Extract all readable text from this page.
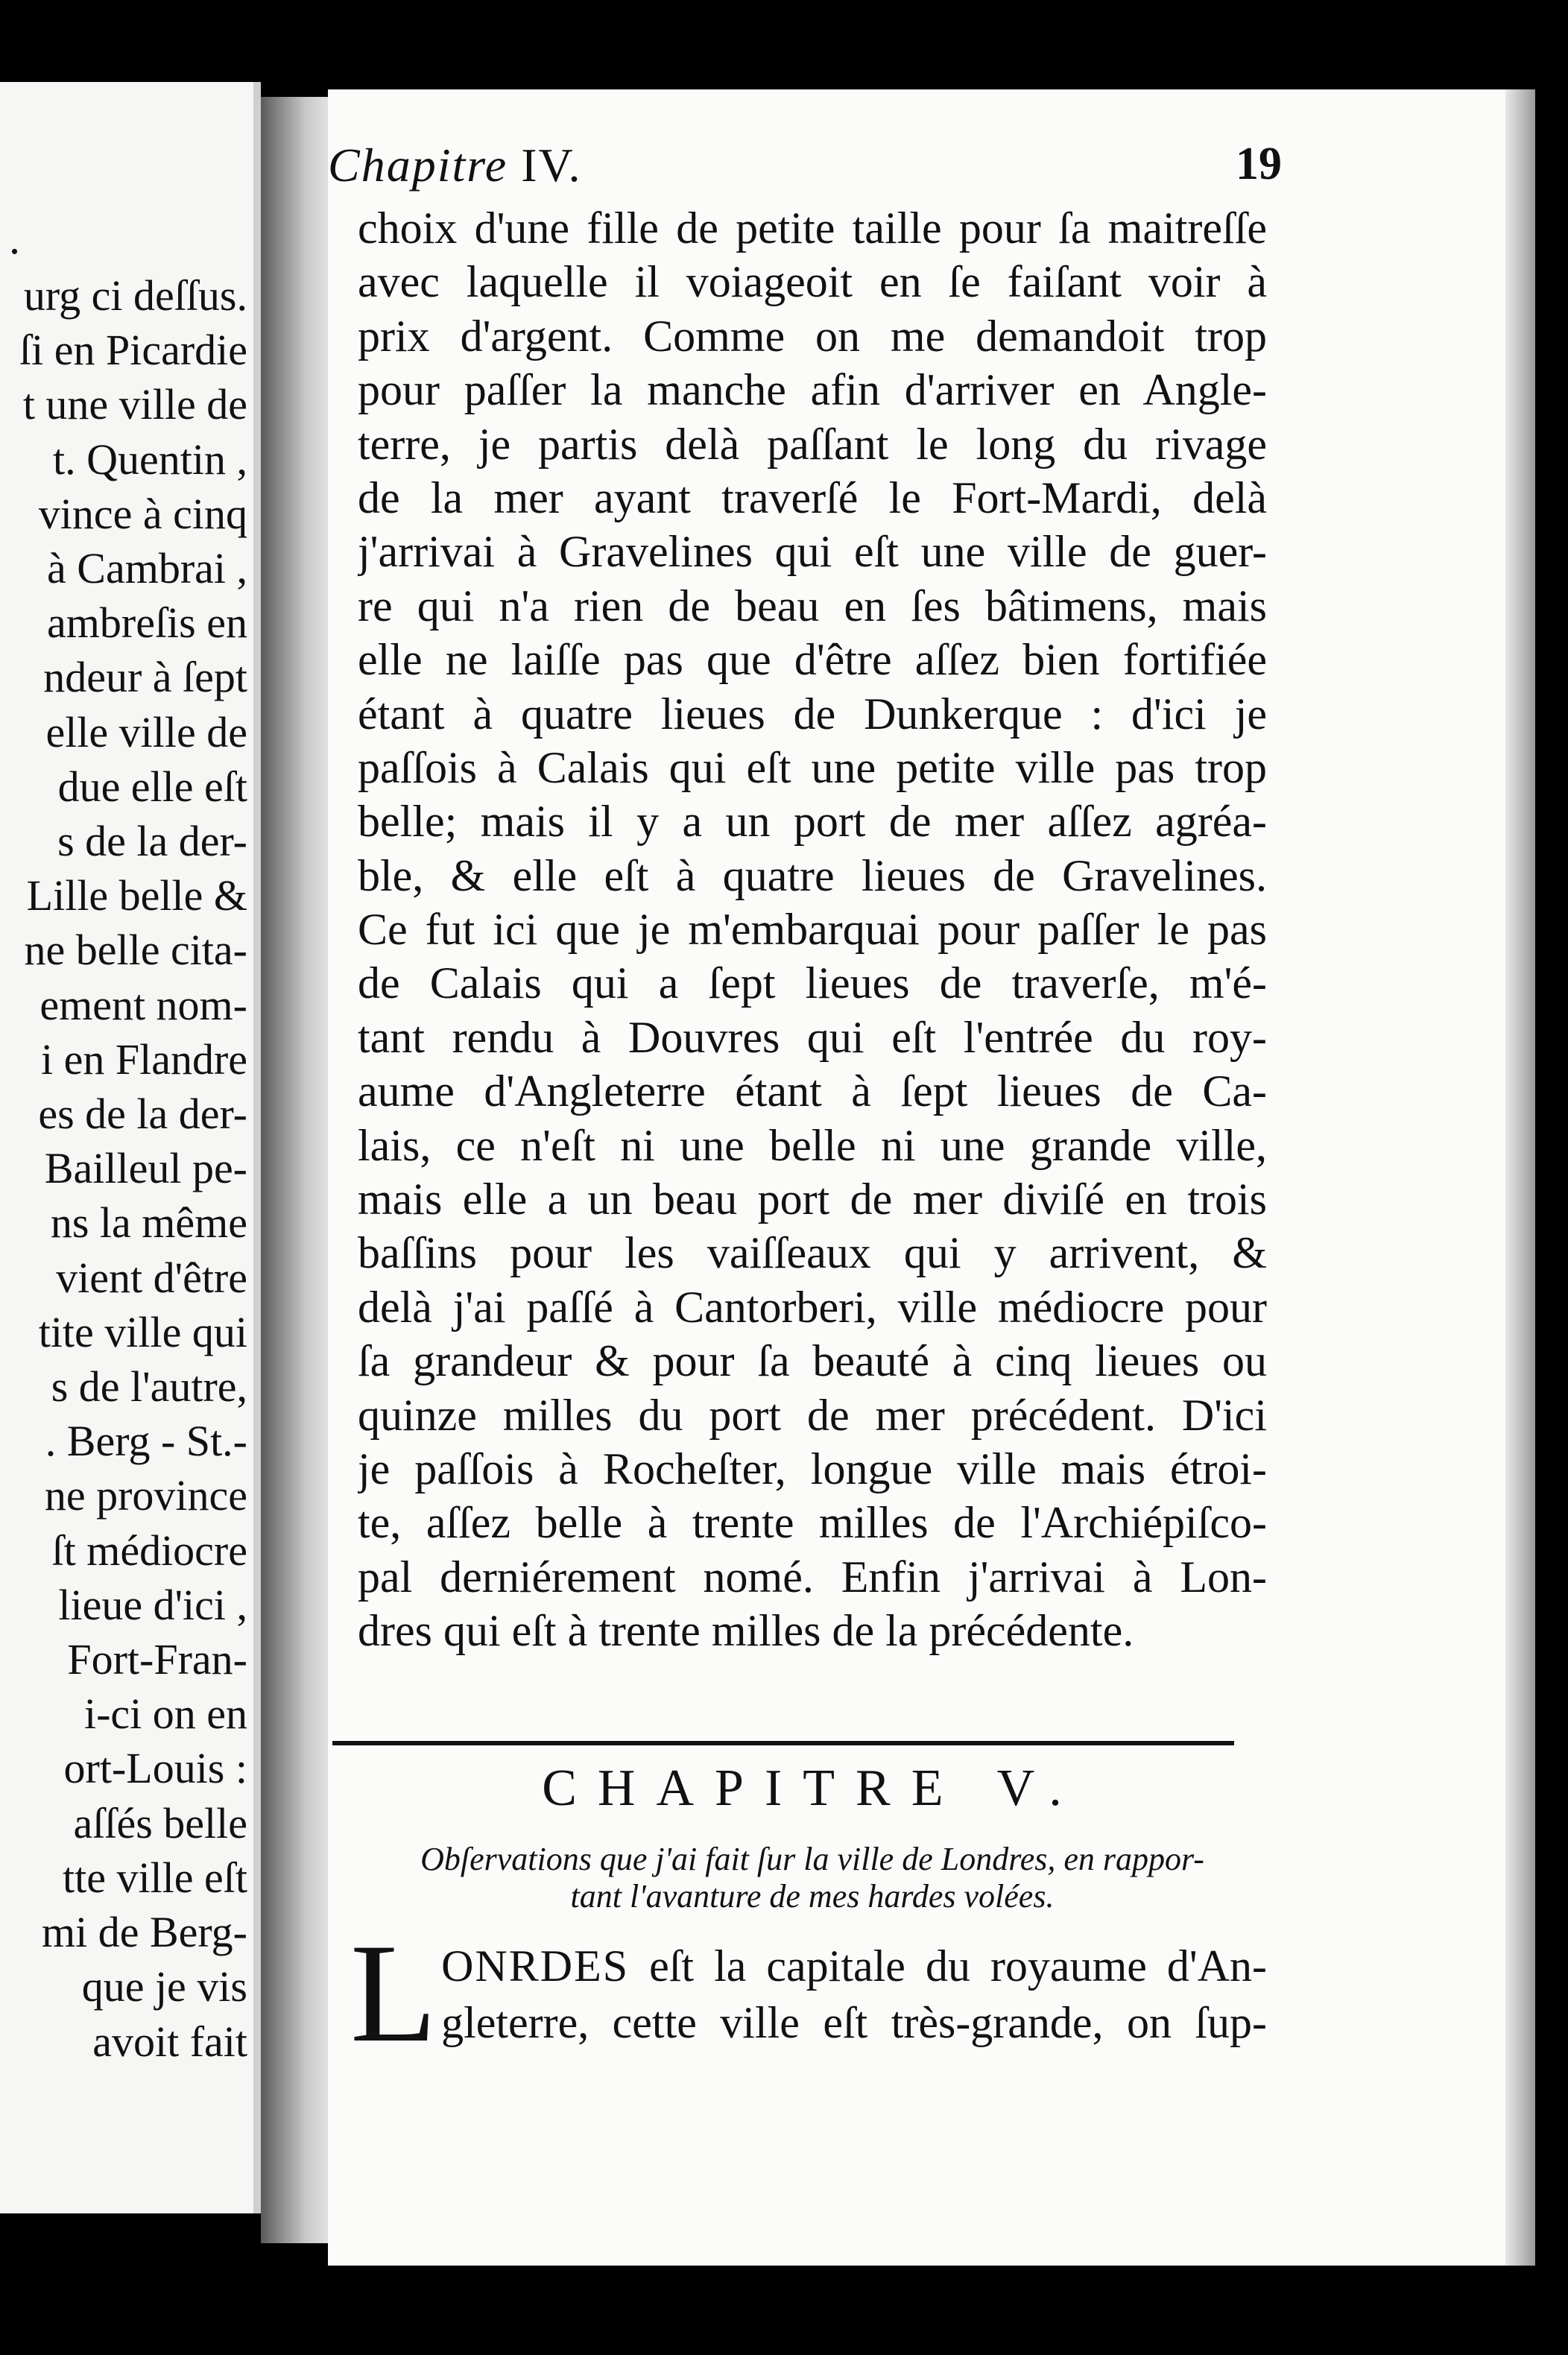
.
urg ci deſſus.
ſi en Picardie
t une ville de
t. Quentin ,
vince à cinq
à Cambrai ,
ambreſis en
ndeur à ſept
elle ville de
due elle eſt
s de la der-
Lille belle &
ne belle cita-
ement nom-
i en Flandre
es de la der-
Bailleul pe-
ns la même
vient d'être
tite ville qui
s de l'autre,
. Berg - St.-
ne province
ſt médiocre
lieue d'ici ,
Fort-Fran-
i-ci on en
ort-Louis :
aſſés belle
tte ville eſt
mi de Berg-
que je vis
avoit fait
Chapitre IV.	19
choix d'une fille de petite taille pour ſa maitreſſe
avec laquelle il voiageoit en ſe faiſant voir à
prix d'argent. Comme on me demandoit trop
pour paſſer la manche afin d'arriver en Angle-
terre, je partis delà paſſant le long du rivage
de la mer ayant traverſé le Fort-Mardi, delà
j'arrivai à Gravelines qui eſt une ville de guer-
re qui n'a rien de beau en ſes bâtimens, mais
elle ne laiſſe pas que d'être aſſez bien fortifiée
étant à quatre lieues de Dunkerque : d'ici je
paſſois à Calais qui eſt une petite ville pas trop
belle; mais il y a un port de mer aſſez agréa-
ble, & elle eſt à quatre lieues de Gravelines.
Ce fut ici que je m'embarquai pour paſſer le pas
de Calais qui a ſept lieues de traverſe, m'é-
tant rendu à Douvres qui eſt l'entrée du roy-
aume d'Angleterre étant à ſept lieues de Ca-
lais, ce n'eſt ni une belle ni une grande ville,
mais elle a un beau port de mer diviſé en trois
baſſins pour les vaiſſeaux qui y arrivent, &
delà j'ai paſſé à Cantorberi, ville médiocre pour
ſa grandeur & pour ſa beauté à cinq lieues ou
quinze milles du port de mer précédent. D'ici
je paſſois à Rocheſter, longue ville mais étroi-
te, aſſez belle à trente milles de l'Archiépiſco-
pal derniérement nomé. Enfin j'arrivai à Lon-
dres qui eſt à trente milles de la précédente.
CHAPITRE V.
Obſervations que j'ai fait ſur la ville de Londres, en rappor-
tant l'avanture de mes hardes volées.
L ONRDES eſt la capitale du royaume d'An-
gleterre, cette ville eſt très-grande, on ſup-
